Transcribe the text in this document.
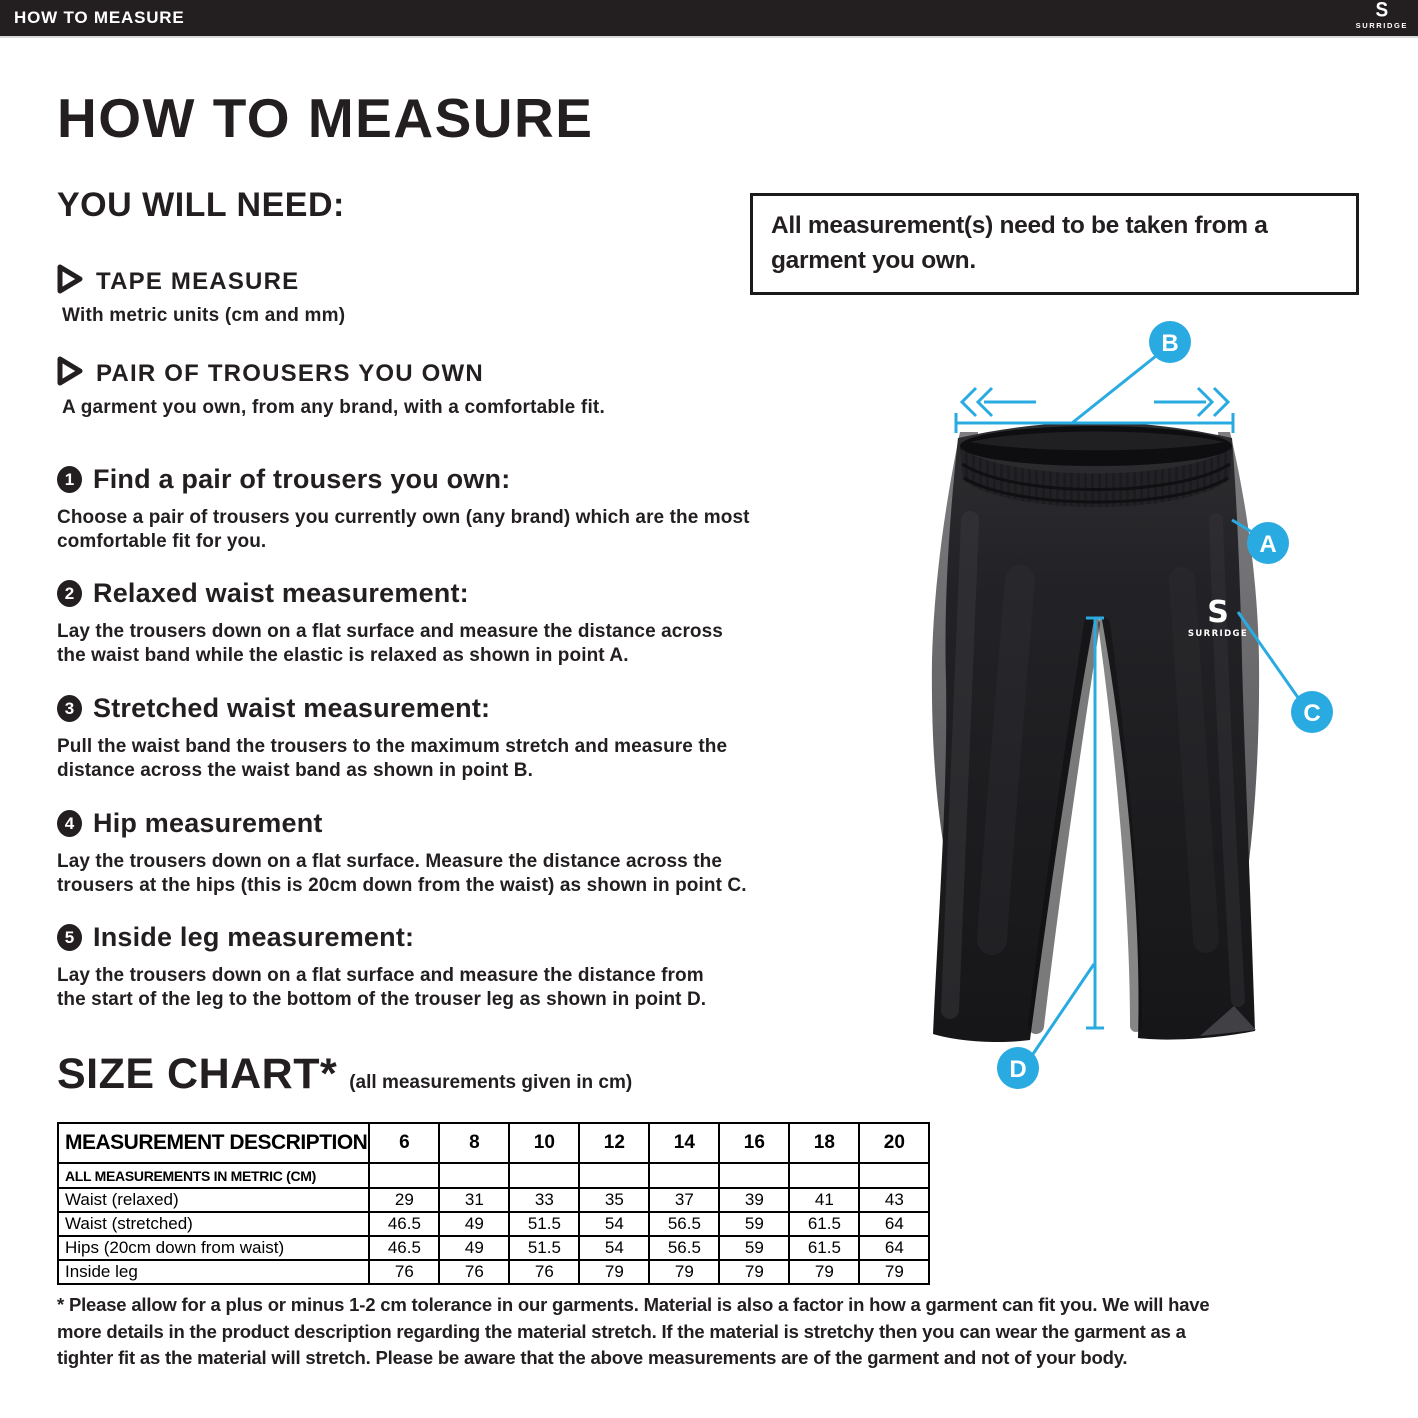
HOW TO MEASURE	S
SURRIDGE
HOW TO MEASURE
YOU WILL NEED:
TAPE MEASURE
With metric units (cm and mm)
PAIR OF TROUSERS YOU OWN
A garment you own, from any brand, with a comfortable fit.
1 Find a pair of trousers you own:
Choose a pair of trousers you currently own (any brand) which are the most
comfortable fit for you.
2 Relaxed waist measurement:
Lay the trousers down on a flat surface and measure the distance across
the waist band while the elastic is relaxed as shown in point A.
3 Stretched waist measurement:
Pull the waist band the trousers to the maximum stretch and measure the
distance across the waist band as shown in point B.
4 Hip measurement
Lay the trousers down on a flat surface. Measure the distance across the
trousers at the hips (this is 20cm down from the waist) as shown in point C.
5 Inside leg measurement:
Lay the trousers down on a flat surface and measure the distance from
the start of the leg to the bottom of the trouser leg as shown in point D.
All measurement(s) need to be taken from a
garment you own.
S
SURRIDGE
B
A
C
D
SIZE CHART* (all measurements given in cm)
MEASUREMENT DESCRIPTION	6	8	10	12	14	16	18	20
ALL MEASUREMENTS IN METRIC (CM)								
Waist (relaxed)	29	31	33	35	37	39	41	43
Waist (stretched)	46.5	49	51.5	54	56.5	59	61.5	64
Hips (20cm down from waist)	46.5	49	51.5	54	56.5	59	61.5	64
Inside leg	76	76	76	79	79	79	79	79
* Please allow for a plus or minus 1-2 cm tolerance in our garments. Material is also a factor in how a garment can fit you. We will have
more details in the product description regarding the material stretch. If the material is stretchy then you can wear the garment as a
tighter fit as the material will stretch. Please be aware that the above measurements are of the garment and not of your body.
